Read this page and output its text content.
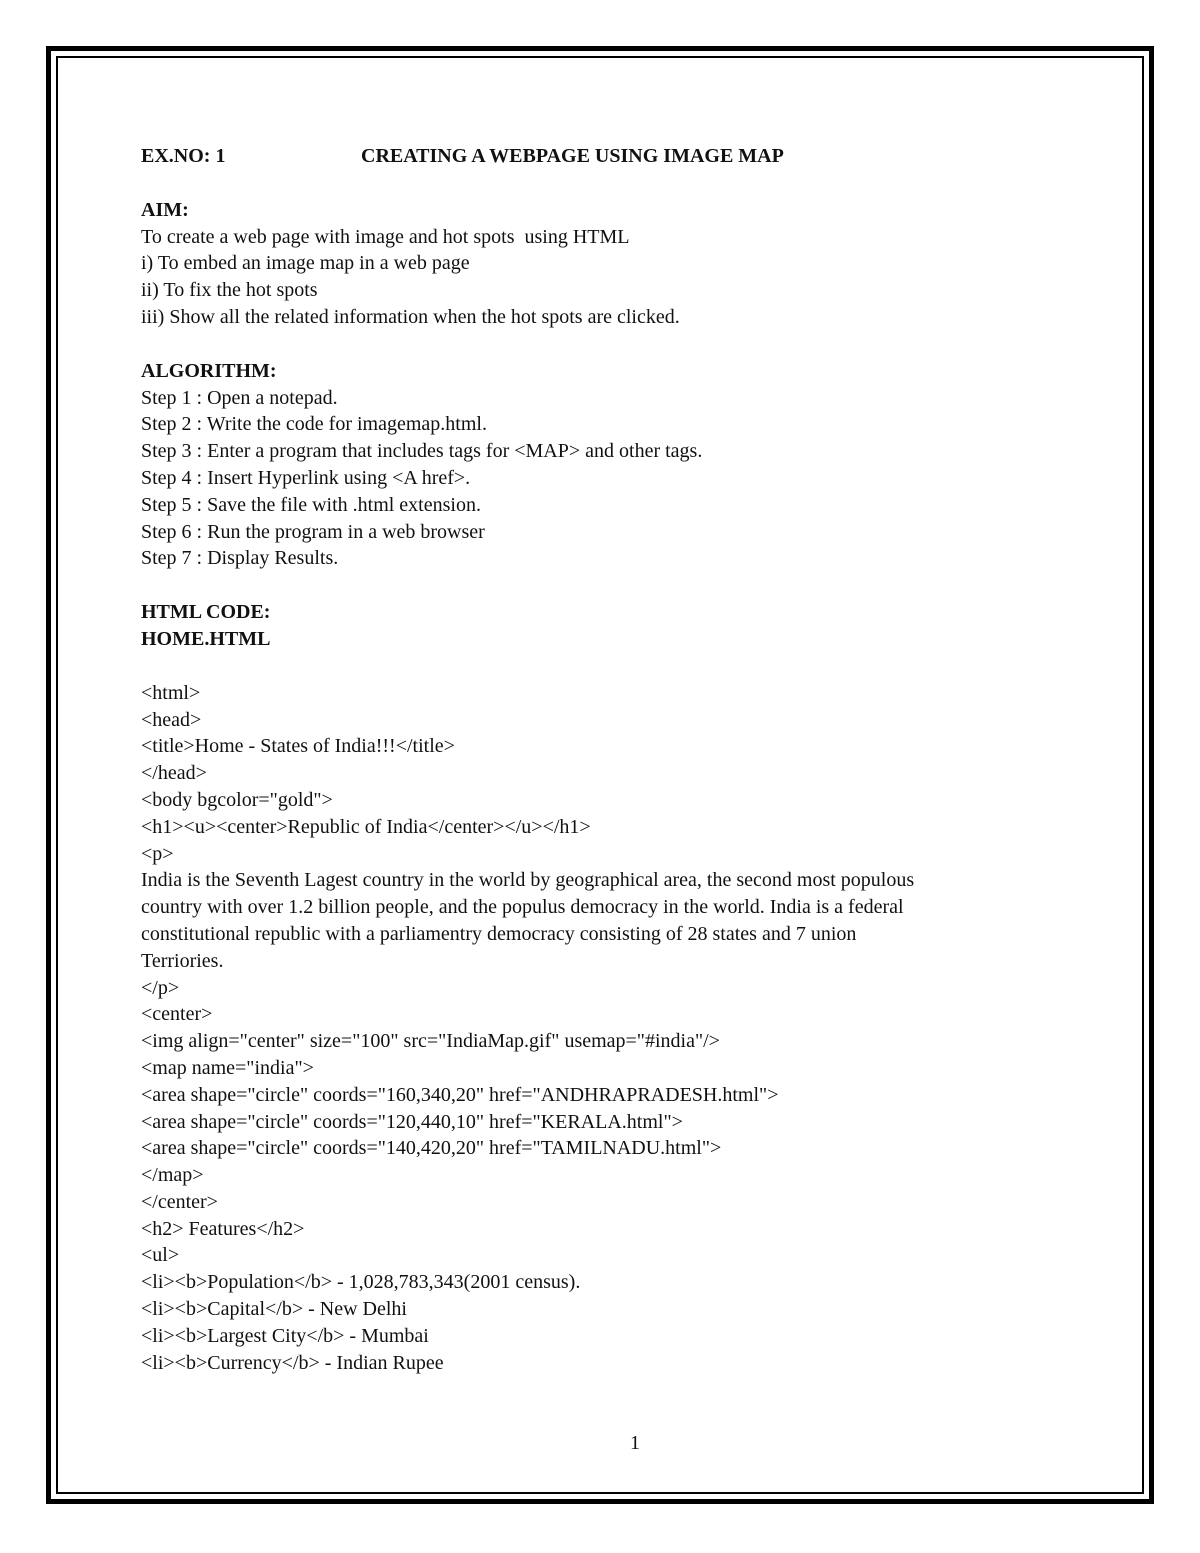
EX.NO: 1	CREATING A WEBPAGE USING IMAGE MAP
AIM:
To create a web page with image and hot spots  using HTML
i) To embed an image map in a web page
ii) To fix the hot spots
iii) Show all the related information when the hot spots are clicked.
ALGORITHM:
Step 1 : Open a notepad.
Step 2 : Write the code for imagemap.html.
Step 3 : Enter a program that includes tags for <MAP> and other tags.
Step 4 : Insert Hyperlink using <A href>.
Step 5 : Save the file with .html extension.
Step 6 : Run the program in a web browser
Step 7 : Display Results.
HTML CODE:
HOME.HTML
<html>
<head>
<title>Home - States of India!!!</title>
</head>
<body bgcolor="gold">
<h1><u><center>Republic of India</center></u></h1>
<p>
India is the Seventh Lagest country in the world by geographical area, the second most populous
country with over 1.2 billion people, and the populus democracy in the world. India is a federal
constitutional republic with a parliamentry democracy consisting of 28 states and 7 union
Terriories.
</p>
<center>
<img align="center" size="100" src="IndiaMap.gif" usemap="#india"/>
<map name="india">
<area shape="circle" coords="160,340,20" href="ANDHRAPRADESH.html">
<area shape="circle" coords="120,440,10" href="KERALA.html">
<area shape="circle" coords="140,420,20" href="TAMILNADU.html">
</map>
</center>
<h2> Features</h2>
<ul>
<li><b>Population</b> - 1,028,783,343(2001 census).
<li><b>Capital</b> - New Delhi
<li><b>Largest City</b> - Mumbai
<li><b>Currency</b> - Indian Rupee
1
